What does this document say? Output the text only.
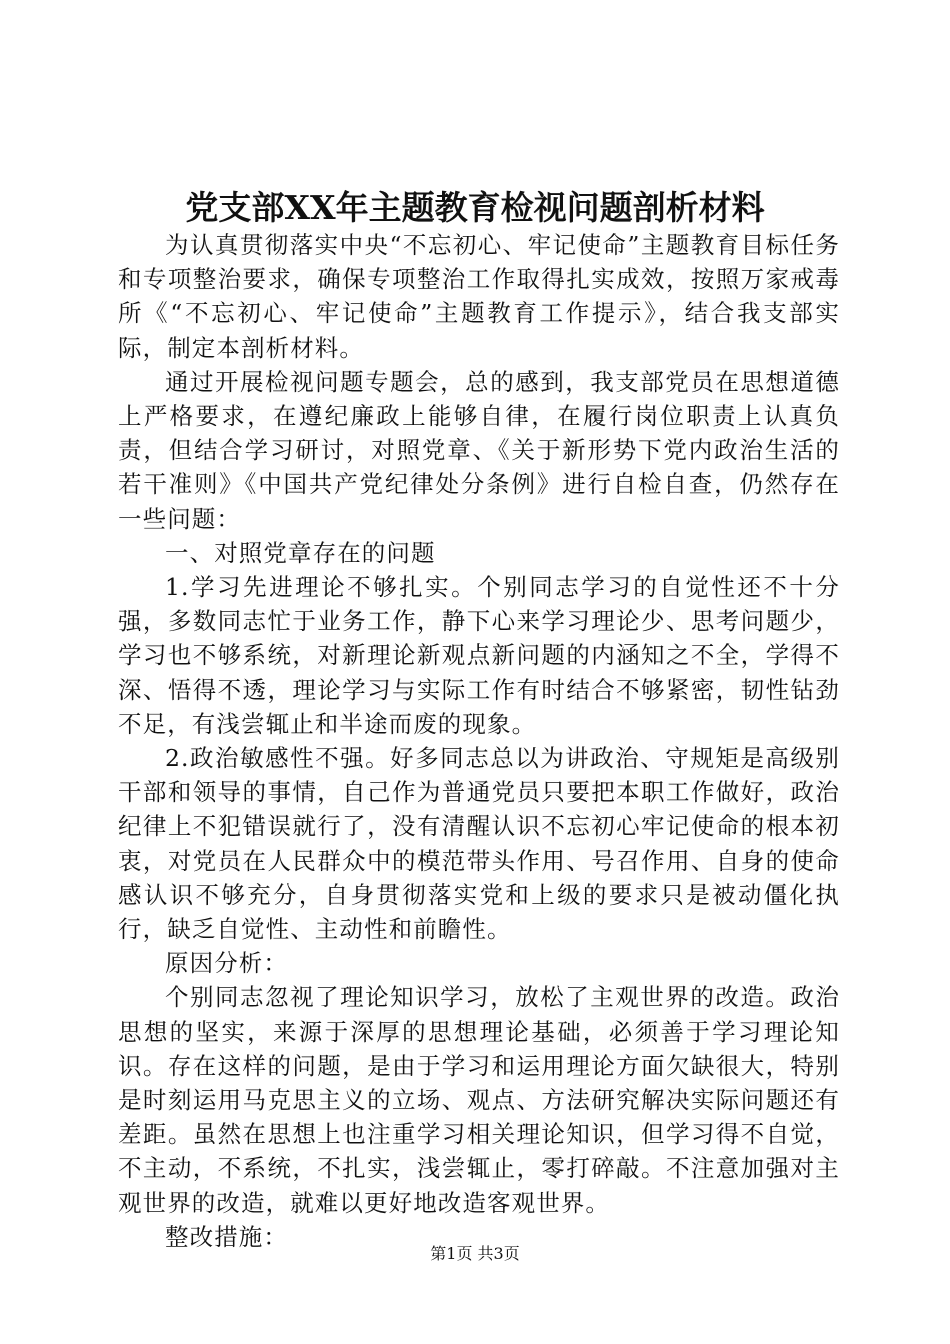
党支部XX年主题教育检视问题剖析材料

为认真贯彻落实中央“不忘初心、牢记使命”主题教育目标任务和专项整治要求，确保专项整治工作取得扎实成效，按照万家戒毒所《“不忘初心、牢记使命”主题教育工作提示》，结合我支部实际，制定本剖析材料。

通过开展检视问题专题会，总的感到，我支部党员在思想道德上严格要求，在遵纪廉政上能够自律，在履行岗位职责上认真负责，但结合学习研讨，对照党章、《关于新形势下党内政治生活的若干准则》《中国共产党纪律处分条例》进行自检自查，仍然存在一些问题：

一、对照党章存在的问题

1.学习先进理论不够扎实。个别同志学习的自觉性还不十分强，多数同志忙于业务工作，静下心来学习理论少、思考问题少，学习也不够系统，对新理论新观点新问题的内涵知之不全，学得不深、悟得不透，理论学习与实际工作有时结合不够紧密，韧性钻劲不足，有浅尝辄止和半途而废的现象。

2.政治敏感性不强。好多同志总以为讲政治、守规矩是高级别干部和领导的事情，自己作为普通党员只要把本职工作做好，政治纪律上不犯错误就行了，没有清醒认识不忘初心牢记使命的根本初衷，对党员在人民群众中的模范带头作用、号召作用、自身的使命感认识不够充分，自身贯彻落实党和上级的要求只是被动僵化执行，缺乏自觉性、主动性和前瞻性。

原因分析：

个别同志忽视了理论知识学习，放松了主观世界的改造。政治思想的坚实，来源于深厚的思想理论基础，必须善于学习理论知识。存在这样的问题，是由于学习和运用理论方面欠缺很大，特别是时刻运用马克思主义的立场、观点、方法研究解决实际问题还有差距。虽然在思想上也注重学习相关理论知识，但学习得不自觉，不主动，不系统，不扎实，浅尝辄止，零打碎敲。不注意加强对主观世界的改造，就难以更好地改造客观世界。

整改措施：

第1页 共3页
